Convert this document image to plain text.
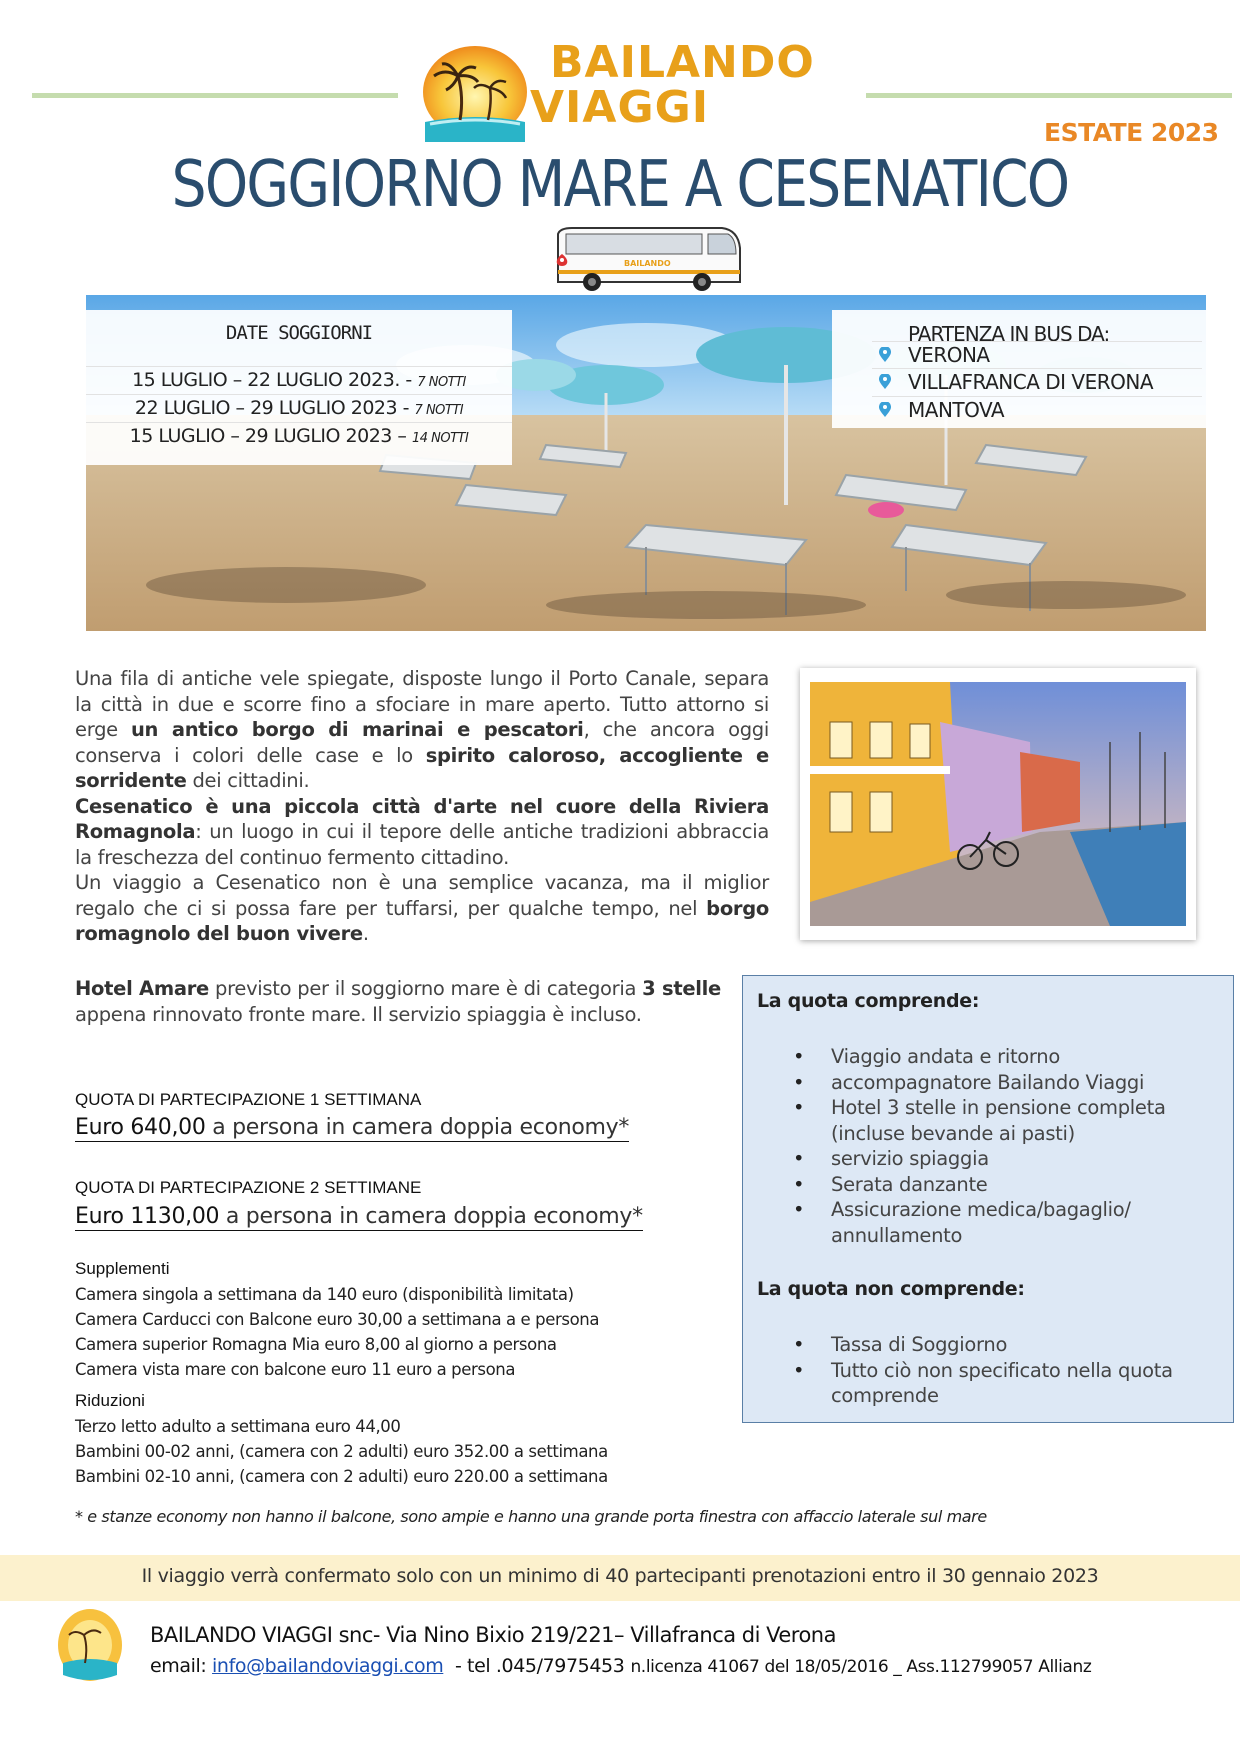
BAILANDO
VIAGGI	ESTATE 2023
SOGGIORNO MARE A CESENATICO
BAILANDO
DATE SOGGIORNI
15 LUGLIO – 22 LUGLIO 2023. - 7 NOTTI
22 LUGLIO – 29 LUGLIO 2023 - 7 NOTTI
15 LUGLIO – 29 LUGLIO 2023 – 14 NOTTI
PARTENZA IN BUS DA:
VERONA
VILLAFRANCA DI VERONA
MANTOVA
Una fila di antiche vele spiegate, disposte lungo il Porto Canale, separa la città in due e scorre fino a sfociare in mare aperto. Tutto attorno si erge un antico borgo di marinai e pescatori, che ancora oggi conserva i colori delle case e lo spirito caloroso, accogliente e sorridente dei cittadini.
Cesenatico è una piccola città d'arte nel cuore della Riviera Romagnola: un luogo in cui il tepore delle antiche tradizioni abbraccia la freschezza del continuo fermento cittadino.
Un viaggio a Cesenatico non è una semplice vacanza, ma il miglior regalo che ci si possa fare per tuffarsi, per qualche tempo, nel borgo romagnolo del buon vivere.
Hotel Amare previsto per il soggiorno mare è di categoria 3 stelle appena rinnovato fronte mare. Il servizio spiaggia è incluso.
QUOTA DI PARTECIPAZIONE 1 SETTIMANA
Euro 640,00 a persona in camera doppia economy*
QUOTA DI PARTECIPAZIONE 2 SETTIMANE
Euro 1130,00 a persona in camera doppia economy*
Supplementi
Camera singola a settimana da 140 euro (disponibilità limitata)
Camera Carducci con Balcone euro 30,00 a settimana a e persona
Camera superior Romagna Mia euro 8,00 al giorno a persona
Camera vista mare con balcone euro 11 euro a persona
Riduzioni
Terzo letto adulto a settimana euro 44,00
Bambini 00-02 anni, (camera con 2 adulti) euro 352.00 a settimana
Bambini 02-10 anni, (camera con 2 adulti) euro 220.00 a settimana
* e stanze economy non hanno il balcone, sono ampie e hanno una grande porta finestra con affaccio laterale sul mare
La quota comprende:
• Viaggio andata e ritorno
• accompagnatore Bailando Viaggi
• Hotel 3 stelle in pensione completa (incluse bevande ai pasti)
• servizio spiaggia
• Serata danzante
• Assicurazione medica/bagaglio/ annullamento
La quota non comprende:
• Tassa di Soggiorno
• Tutto ciò non specificato nella quota comprende
Il viaggio verrà confermato solo con un minimo di 40 partecipanti prenotazioni entro il 30 gennaio 2023
BAILANDO VIAGGI snc- Via Nino Bixio 219/221– Villafranca di Verona
email: info@bailandoviaggi.com - tel .045/7975453 n.licenza 41067 del 18/05/2016 _ Ass.112799057 Allianz
